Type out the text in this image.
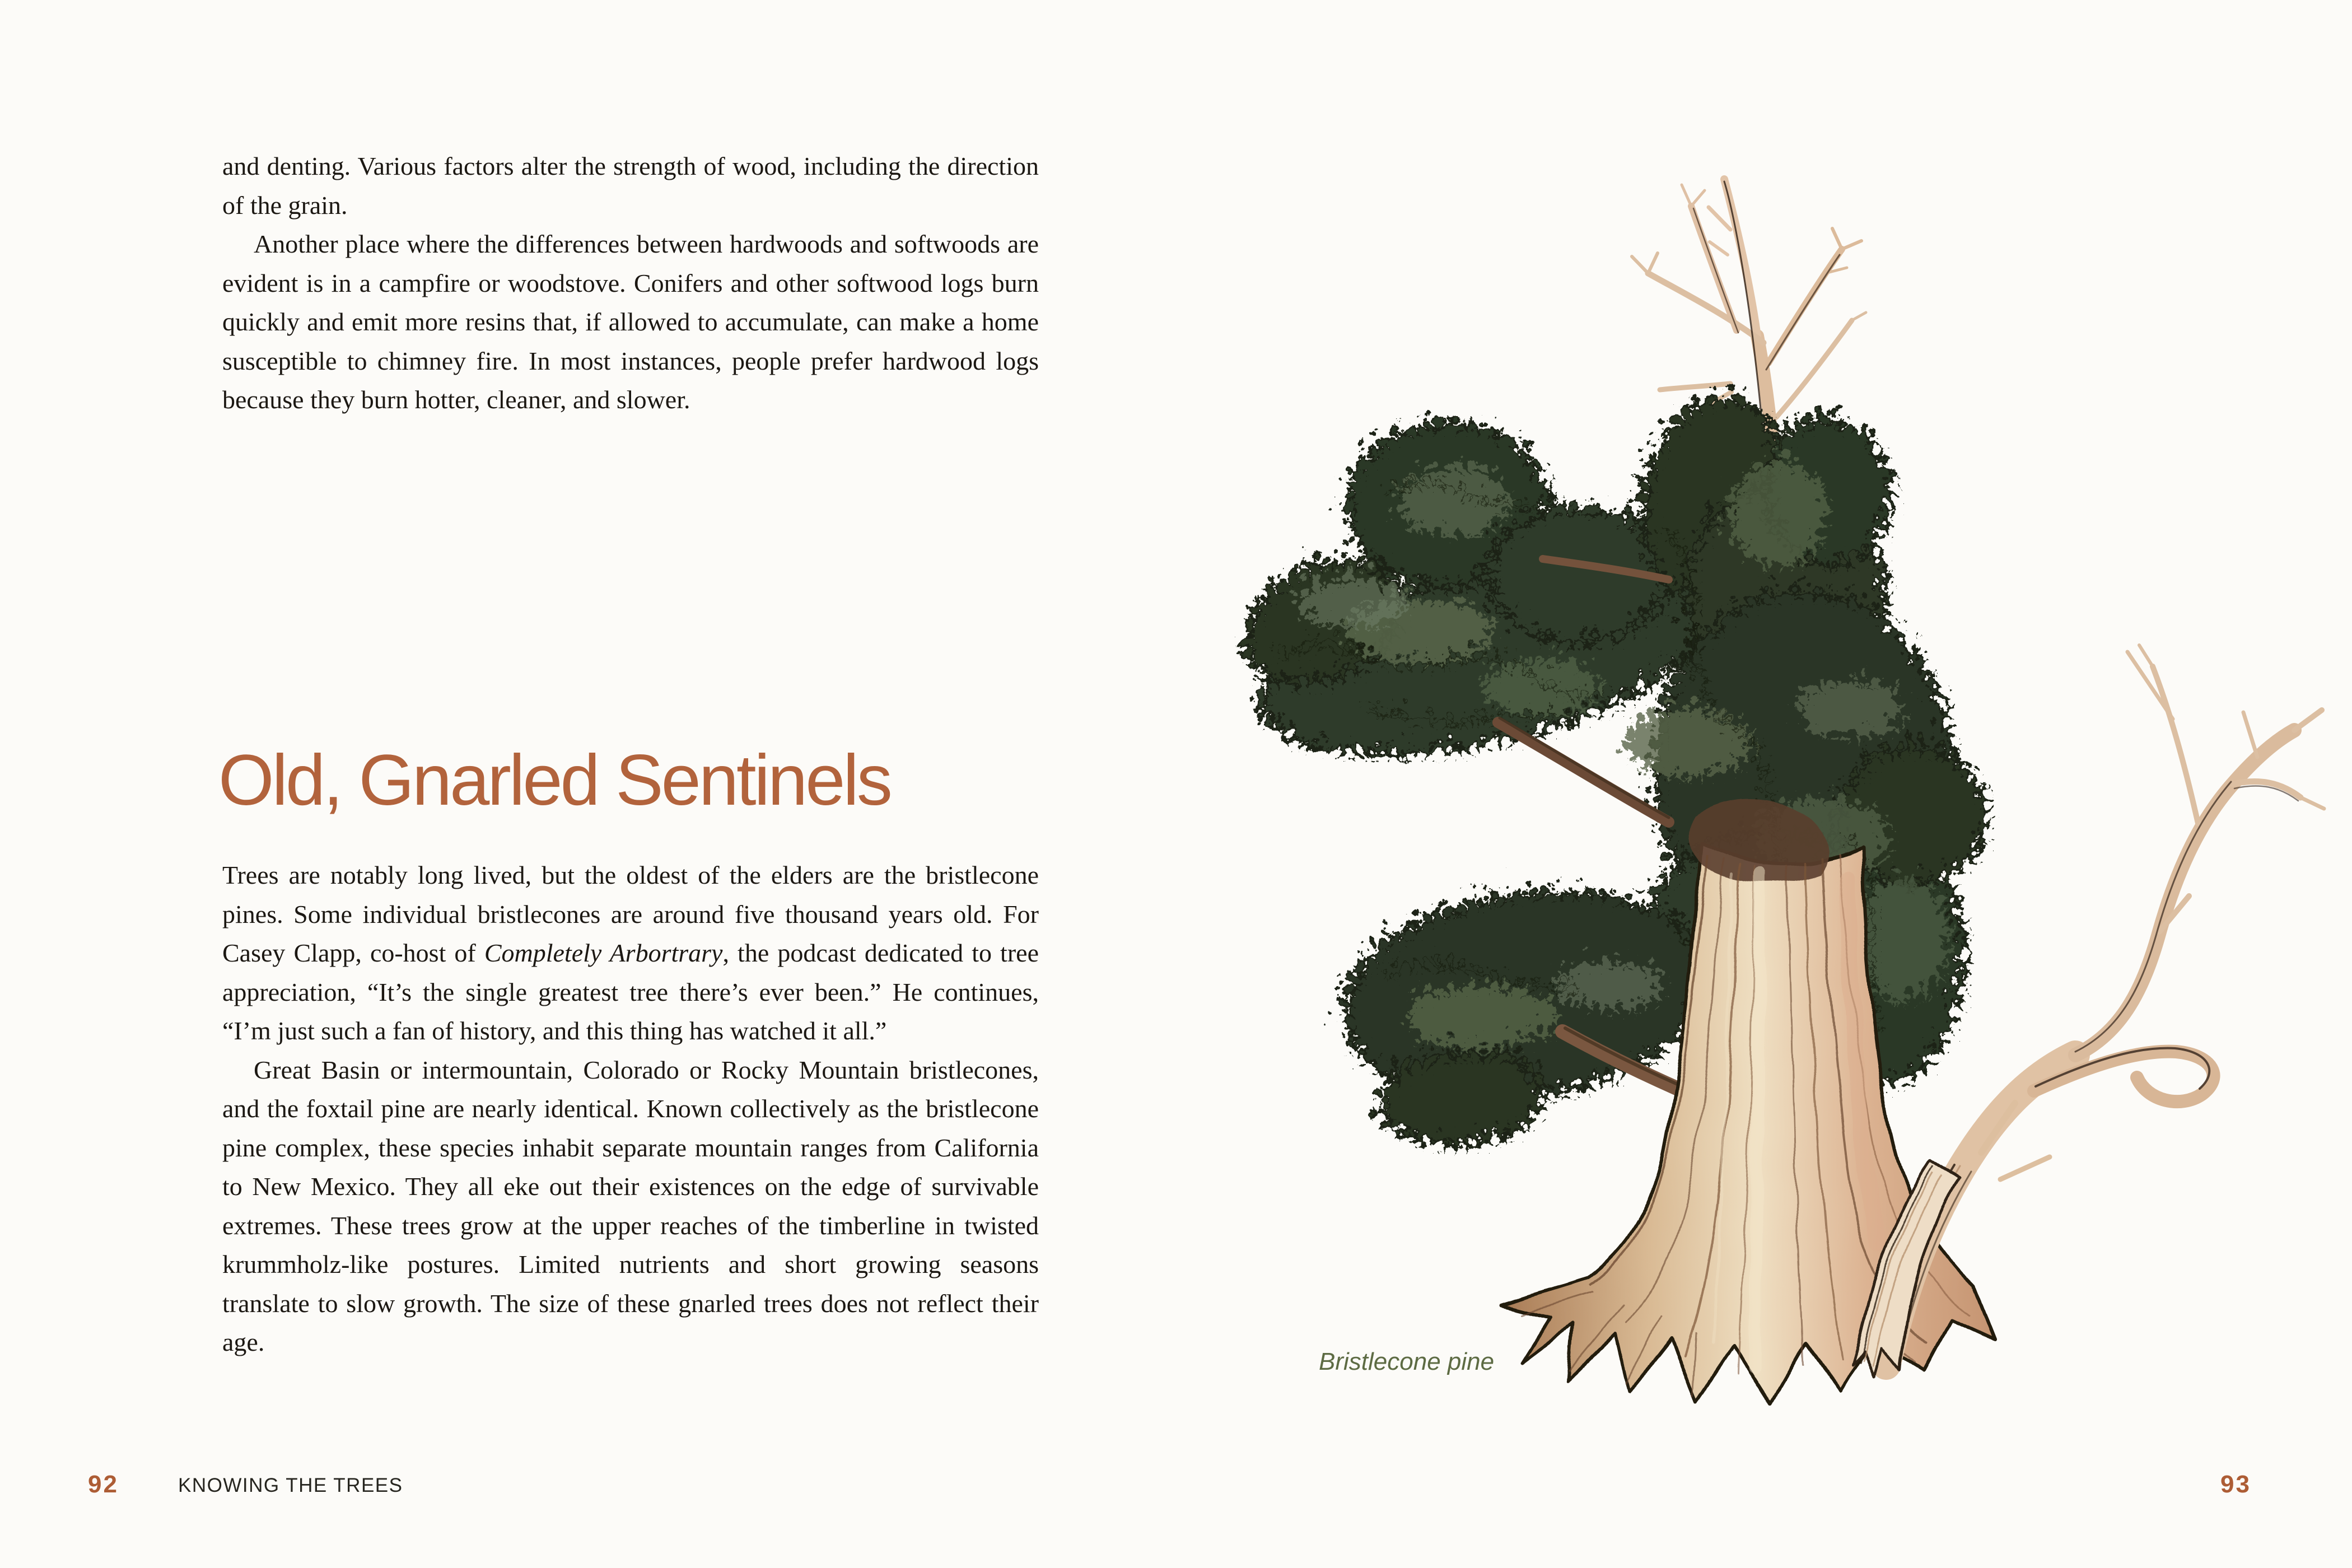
and denting. Various factors alter the strength of wood, including the direction of the grain.

Another place where the differences between hardwoods and softwoods are evident is in a campfire or woodstove. Conifers and other softwood logs burn quickly and emit more resins that, if allowed to accumulate, can make a home susceptible to chimney fire. In most instances, people prefer hardwood logs because they burn hotter, cleaner, and slower.

Old, Gnarled Sentinels

Trees are notably long lived, but the oldest of the elders are the bristlecone pines. Some individual bristlecones are around five thousand years old. For Casey Clapp, co-host of Completely Arbortrary, the podcast dedicated to tree appreciation, “It’s the single greatest tree there’s ever been.” He continues, “I’m just such a fan of history, and this thing has watched it all.”

Great Basin or intermountain, Colorado or Rocky Mountain bristlecones, and the foxtail pine are nearly identical. Known collectively as the bristlecone pine complex, these species inhabit separate mountain ranges from California to New Mexico. They all eke out their existences on the edge of survivable extremes. These trees grow at the upper reaches of the timberline in twisted krummholz-like postures. Limited nutrients and short growing seasons translate to slow growth. The size of these gnarled trees does not reflect their age.

92	KNOWING THE TREES
Bristlecone pine
93
